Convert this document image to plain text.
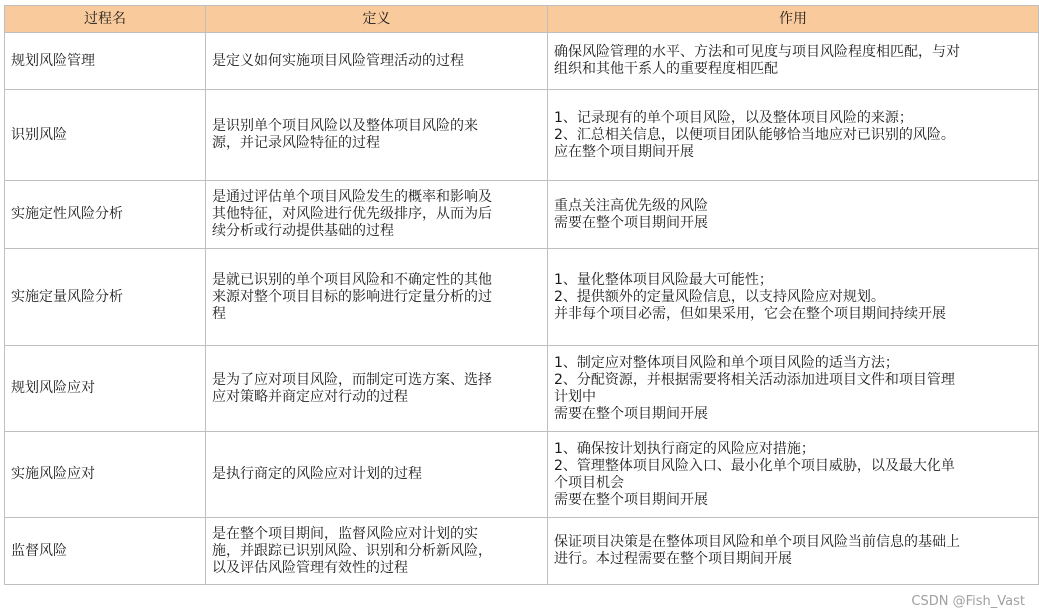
过程名	定义	作用
规划风险管理	是定义如何实施项目风险管理活动的过程	确保风险管理的水平、方法和可见度与项目风险程度相匹配，与对
组织和其他干系人的重要程度相匹配

识别风险	是识别单个项目风险以及整体项目风险的来
源，并记录风险特征的过程	1、记录现有的单个项目风险，以及整体项目风险的来源；
2、汇总相关信息，以便项目团队能够恰当地应对已识别的风险。
应在整个项目期间开展

实施定性风险分析	是通过评估单个项目风险发生的概率和影响及
其他特征，对风险进行优先级排序，从而为后
续分析或行动提供基础的过程	重点关注高优先级的风险
需要在整个项目期间开展

实施定量风险分析	是就已识别的单个项目风险和不确定性的其他
来源对整个项目目标的影响进行定量分析的过
程	1、量化整体项目风险最大可能性；
2、提供额外的定量风险信息，以支持风险应对规划。
并非每个项目必需，但如果采用，它会在整个项目期间持续开展

规划风险应对	是为了应对项目风险，而制定可选方案、选择
应对策略并商定应对行动的过程	1、制定应对整体项目风险和单个项目风险的适当方法；
2、分配资源，并根据需要将相关活动添加进项目文件和项目管理
计划中
需要在整个项目期间开展

实施风险应对	是执行商定的风险应对计划的过程	1、确保按计划执行商定的风险应对措施；
2、管理整体项目风险入口、最小化单个项目威胁，以及最大化单
个项目机会
需要在整个项目期间开展

监督风险	是在整个项目期间，监督风险应对计划的实
施，并跟踪已识别风险、识别和分析新风险，
以及评估风险管理有效性的过程	保证项目决策是在整体项目风险和单个项目风险当前信息的基础上
进行。本过程需要在整个项目期间开展
CSDN @Fish_Vast
